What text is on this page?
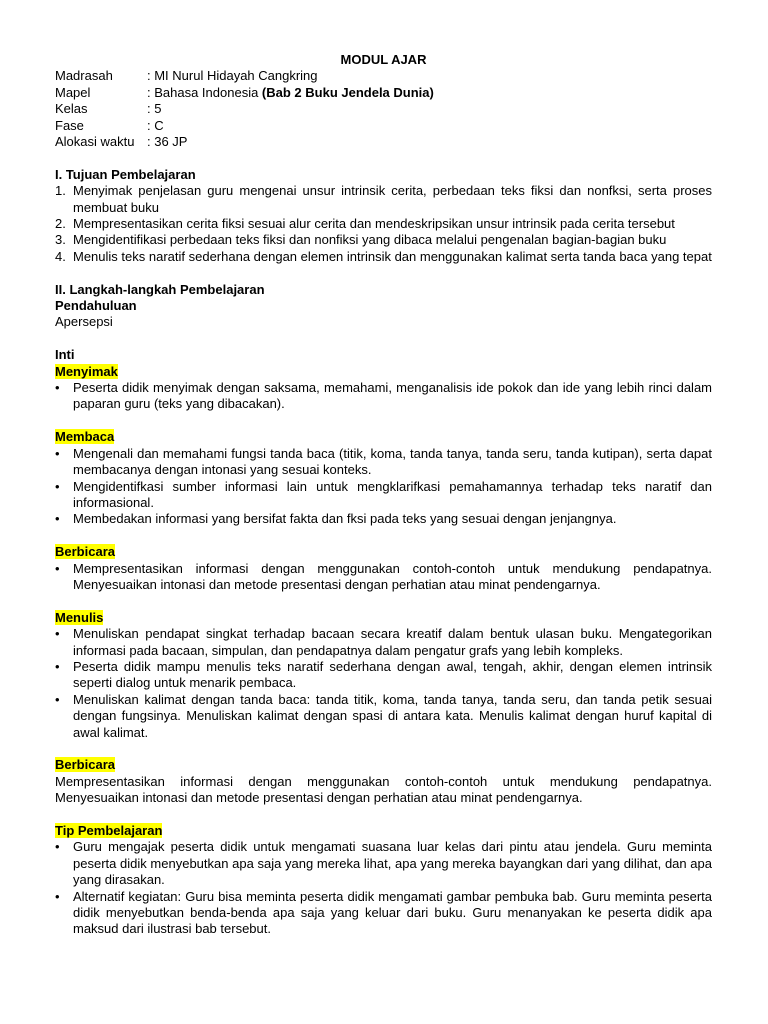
MODUL AJAR
Madrasah	: MI Nurul Hidayah Cangkring
Mapel	: Bahasa Indonesia (Bab 2 Buku Jendela Dunia)
Kelas	: 5
Fase	: C
Alokasi waktu : 36 JP
I. Tujuan Pembelajaran
1. Menyimak penjelasan guru mengenai unsur intrinsik cerita, perbedaan teks fiksi dan nonfksi, serta proses membuat buku
2. Mempresentasikan cerita fiksi sesuai alur cerita dan mendeskripsikan unsur intrinsik pada cerita tersebut
3. Mengidentifikasi perbedaan teks fiksi dan nonfiksi yang dibaca melalui pengenalan bagian-bagian buku
4. Menulis teks naratif sederhana dengan elemen intrinsik dan menggunakan kalimat serta tanda baca yang tepat
II. Langkah-langkah Pembelajaran
Pendahuluan
Apersepsi
Inti
Menyimak
•	Peserta didik menyimak dengan saksama, memahami, menganalisis ide pokok dan ide yang lebih rinci dalam paparan guru (teks yang dibacakan).
Membaca
•	Mengenali dan memahami fungsi tanda baca (titik, koma, tanda tanya, tanda seru, tanda kutipan), serta dapat membacanya dengan intonasi yang sesuai konteks.
•	Mengidentifkasi sumber informasi lain untuk mengklarifkasi pemahamannya terhadap teks naratif dan informasional.
•	Membedakan informasi yang bersifat fakta dan fksi pada teks yang sesuai dengan jenjangnya.
Berbicara
•	Mempresentasikan informasi dengan menggunakan contoh-contoh untuk mendukung pendapatnya. Menyesuaikan intonasi dan metode presentasi dengan perhatian atau minat pendengarnya.
Menulis
•	Menuliskan pendapat singkat terhadap bacaan secara kreatif dalam bentuk ulasan buku. Mengategorikan informasi pada bacaan, simpulan, dan pendapatnya dalam pengatur grafs yang lebih kompleks.
•	Peserta didik mampu menulis teks naratif sederhana dengan awal, tengah, akhir, dengan elemen intrinsik seperti dialog untuk menarik pembaca.
•	Menuliskan kalimat dengan tanda baca: tanda titik, koma, tanda tanya, tanda seru, dan tanda petik sesuai dengan fungsinya. Menuliskan kalimat dengan spasi di antara kata. Menulis kalimat dengan huruf kapital di awal kalimat.
Berbicara
Mempresentasikan informasi dengan menggunakan contoh-contoh untuk mendukung pendapatnya. Menyesuaikan intonasi dan metode presentasi dengan perhatian atau minat pendengarnya.
Tip Pembelajaran
•	Guru mengajak peserta didik untuk mengamati suasana luar kelas dari pintu atau jendela. Guru meminta peserta didik menyebutkan apa saja yang mereka lihat, apa yang mereka bayangkan dari yang dilihat, dan apa yang dirasakan.
•	Alternatif kegiatan: Guru bisa meminta peserta didik mengamati gambar pembuka bab. Guru meminta peserta didik menyebutkan benda-benda apa saja yang keluar dari buku. Guru menanyakan ke peserta didik apa maksud dari ilustrasi bab tersebut.
